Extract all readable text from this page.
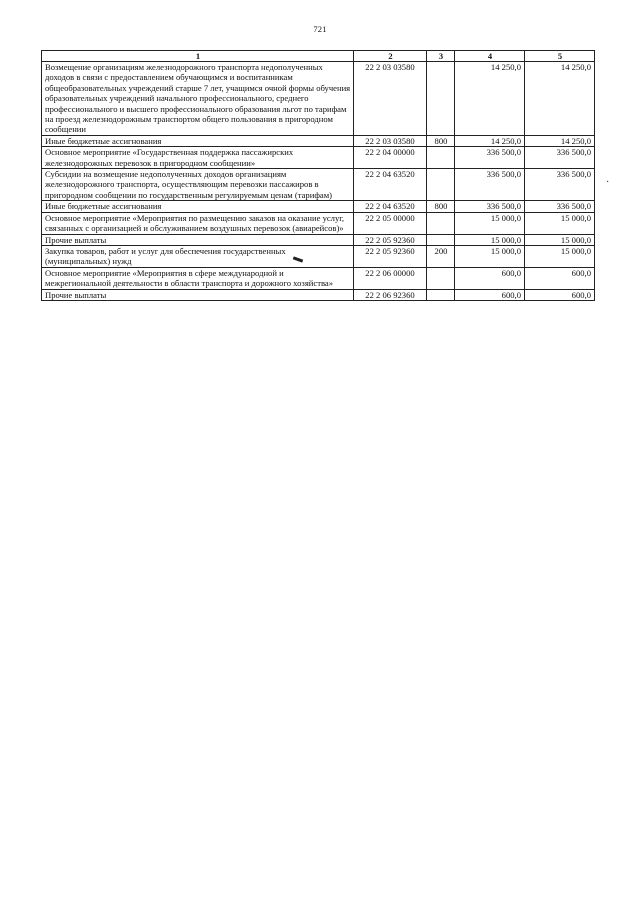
721
1	2	3	4	5
Возмещение организациям железнодорожного транспорта недополученных доходов в связи с предоставлением обучающимся и воспитанникам общеобразовательных учреждений старше 7 лет, учащимся очной формы обучения образовательных учреждений начального профессионального, среднего профессионального и высшего профессионального образования льгот по тарифам на проезд железнодорожным транспортом общего пользования в пригородном сообщении	22 2 03 03580		14 250,0	14 250,0
Иные бюджетные ассигнования	22 2 03 03580	800	14 250,0	14 250,0
Основное мероприятие «Государственная поддержка пассажирских железнодорожных перевозок в пригородном сообщении»	22 2 04 00000		336 500,0	336 500,0
Субсидии на возмещение недополученных доходов организациям железнодорожного транспорта, осуществляющим перевозки пассажиров в пригородном сообщении по государственным регулируемым ценам (тарифам)	22 2 04 63520		336 500,0	336 500,0
Иные бюджетные ассигнования	22 2 04 63520	800	336 500,0	336 500,0
Основное мероприятие «Мероприятия по размещению заказов на оказание услуг, связанных с организацией и обслуживанием воздушных перевозок (авиарейсов)»	22 2 05 00000		15 000,0	15 000,0
Прочие выплаты	22 2 05 92360		15 000,0	15 000,0
Закупка товаров, работ и услуг для обеспечения государственных (муниципальных) нужд	22 2 05 92360	200	15 000,0	15 000,0
Основное мероприятие «Мероприятия в сфере международной и межрегиональной деятельности в области транспорта и дорожного хозяйства»	22 2 06 00000		600,0	600,0
Прочие выплаты	22 2 06 92360		600,0	600,0
·
